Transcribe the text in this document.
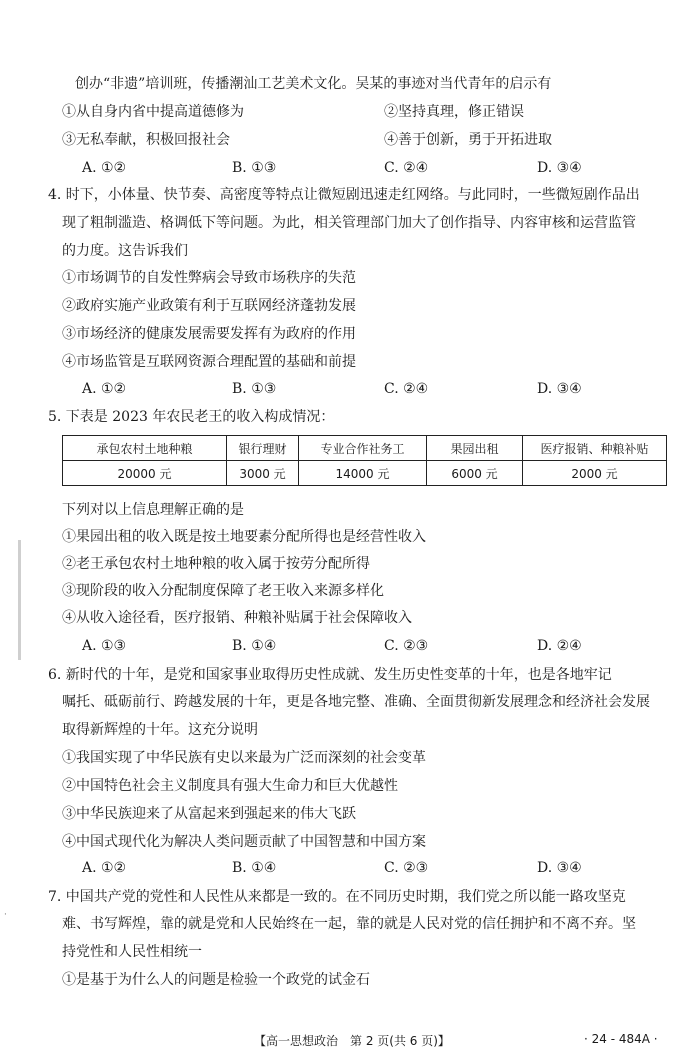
·
创办“非遗”培训班，传播潮汕工艺美术文化。吴某的事迹对当代青年的启示有
①从自身内省中提高道德修为	②坚持真理，修正错误
③无私奉献，积极回报社会	④善于创新，勇于开拓进取
A. ①②	B. ①③	C. ②④	D. ③④
4. 时下，小体量、快节奏、高密度等特点让微短剧迅速走红网络。与此同时，一些微短剧作品出
现了粗制滥造、格调低下等问题。为此，相关管理部门加大了创作指导、内容审核和运营监管
的力度。这告诉我们
①市场调节的自发性弊病会导致市场秩序的失范
②政府实施产业政策有利于互联网经济蓬勃发展
③市场经济的健康发展需要发挥有为政府的作用
④市场监管是互联网资源合理配置的基础和前提
A. ①②	B. ①③	C. ②④	D. ③④
5. 下表是 2023 年农民老王的收入构成情况：
承包农村土地种粮	银行理财	专业合作社务工	果园出租	医疗报销、种粮补贴
20000 元	3000 元	14000 元	6000 元	2000 元
下列对以上信息理解正确的是
①果园出租的收入既是按土地要素分配所得也是经营性收入
②老王承包农村土地种粮的收入属于按劳分配所得
③现阶段的收入分配制度保障了老王收入来源多样化
④从收入途径看，医疗报销、种粮补贴属于社会保障收入
A. ①③	B. ①④	C. ②③	D. ②④
6. 新时代的十年，是党和国家事业取得历史性成就、发生历史性变革的十年，也是各地牢记
嘱托、砥砺前行、跨越发展的十年，更是各地完整、准确、全面贯彻新发展理念和经济社会发展
取得新辉煌的十年。这充分说明
①我国实现了中华民族有史以来最为广泛而深刻的社会变革
②中国特色社会主义制度具有强大生命力和巨大优越性
③中华民族迎来了从富起来到强起来的伟大飞跃
④中国式现代化为解决人类问题贡献了中国智慧和中国方案
A. ①②	B. ①④	C. ②③	D. ③④
7. 中国共产党的党性和人民性从来都是一致的。在不同历史时期，我们党之所以能一路攻坚克
难、书写辉煌，靠的就是党和人民始终在一起，靠的就是人民对党的信任拥护和不离不弃。坚
持党性和人民性相统一
①是基于为什么人的问题是检验一个政党的试金石
【高一思想政治　第 2 页(共 6 页)】	· 24 - 484A ·
